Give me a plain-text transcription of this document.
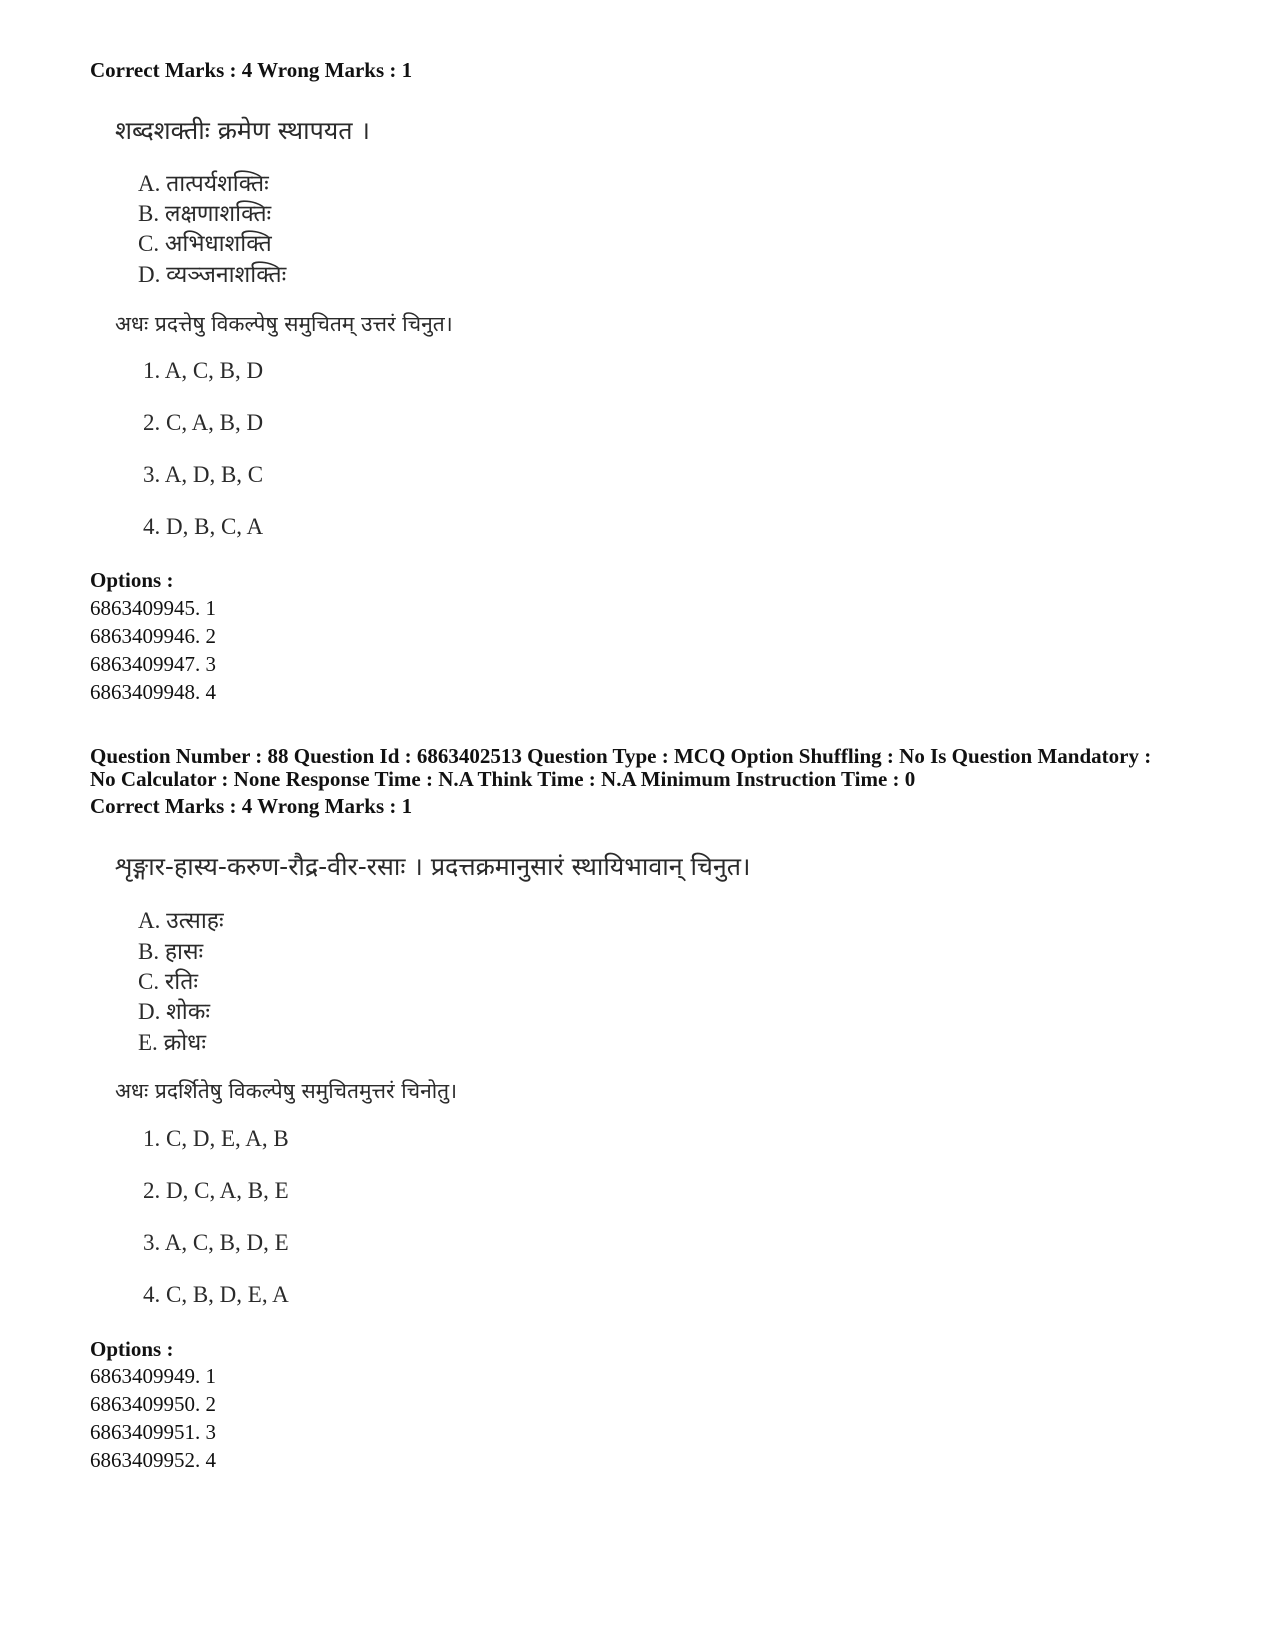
Correct Marks : 4 Wrong Marks : 1
शब्दशक्तीः क्रमेण स्थापयत ।
A. तात्पर्यशक्तिः
B. लक्षणाशक्तिः
C. अभिधाशक्ति
D. व्यञ्जनाशक्तिः
अधः प्रदत्तेषु विकल्पेषु समुचितम् उत्तरं चिनुत।
1. A, C, B, D
2. C, A, B, D
3. A, D, B, C
4. D, B, C, A
Options :
6863409945. 1
6863409946. 2
6863409947. 3
6863409948. 4
Question Number : 88 Question Id : 6863402513 Question Type : MCQ Option Shuffling : No Is Question Mandatory :
No Calculator : None Response Time : N.A Think Time : N.A Minimum Instruction Time : 0
Correct Marks : 4 Wrong Marks : 1
शृङ्गार-हास्य-करुण-रौद्र-वीर-रसाः । प्रदत्तक्रमानुसारं स्थायिभावान् चिनुत।
A. उत्साहः
B. हासः
C. रतिः
D. शोकः
E. क्रोधः
अधः प्रदर्शितेषु विकल्पेषु समुचितमुत्तरं चिनोतु।
1. C, D, E, A, B
2. D, C, A, B, E
3. A, C, B, D, E
4. C, B, D, E, A
Options :
6863409949. 1
6863409950. 2
6863409951. 3
6863409952. 4
